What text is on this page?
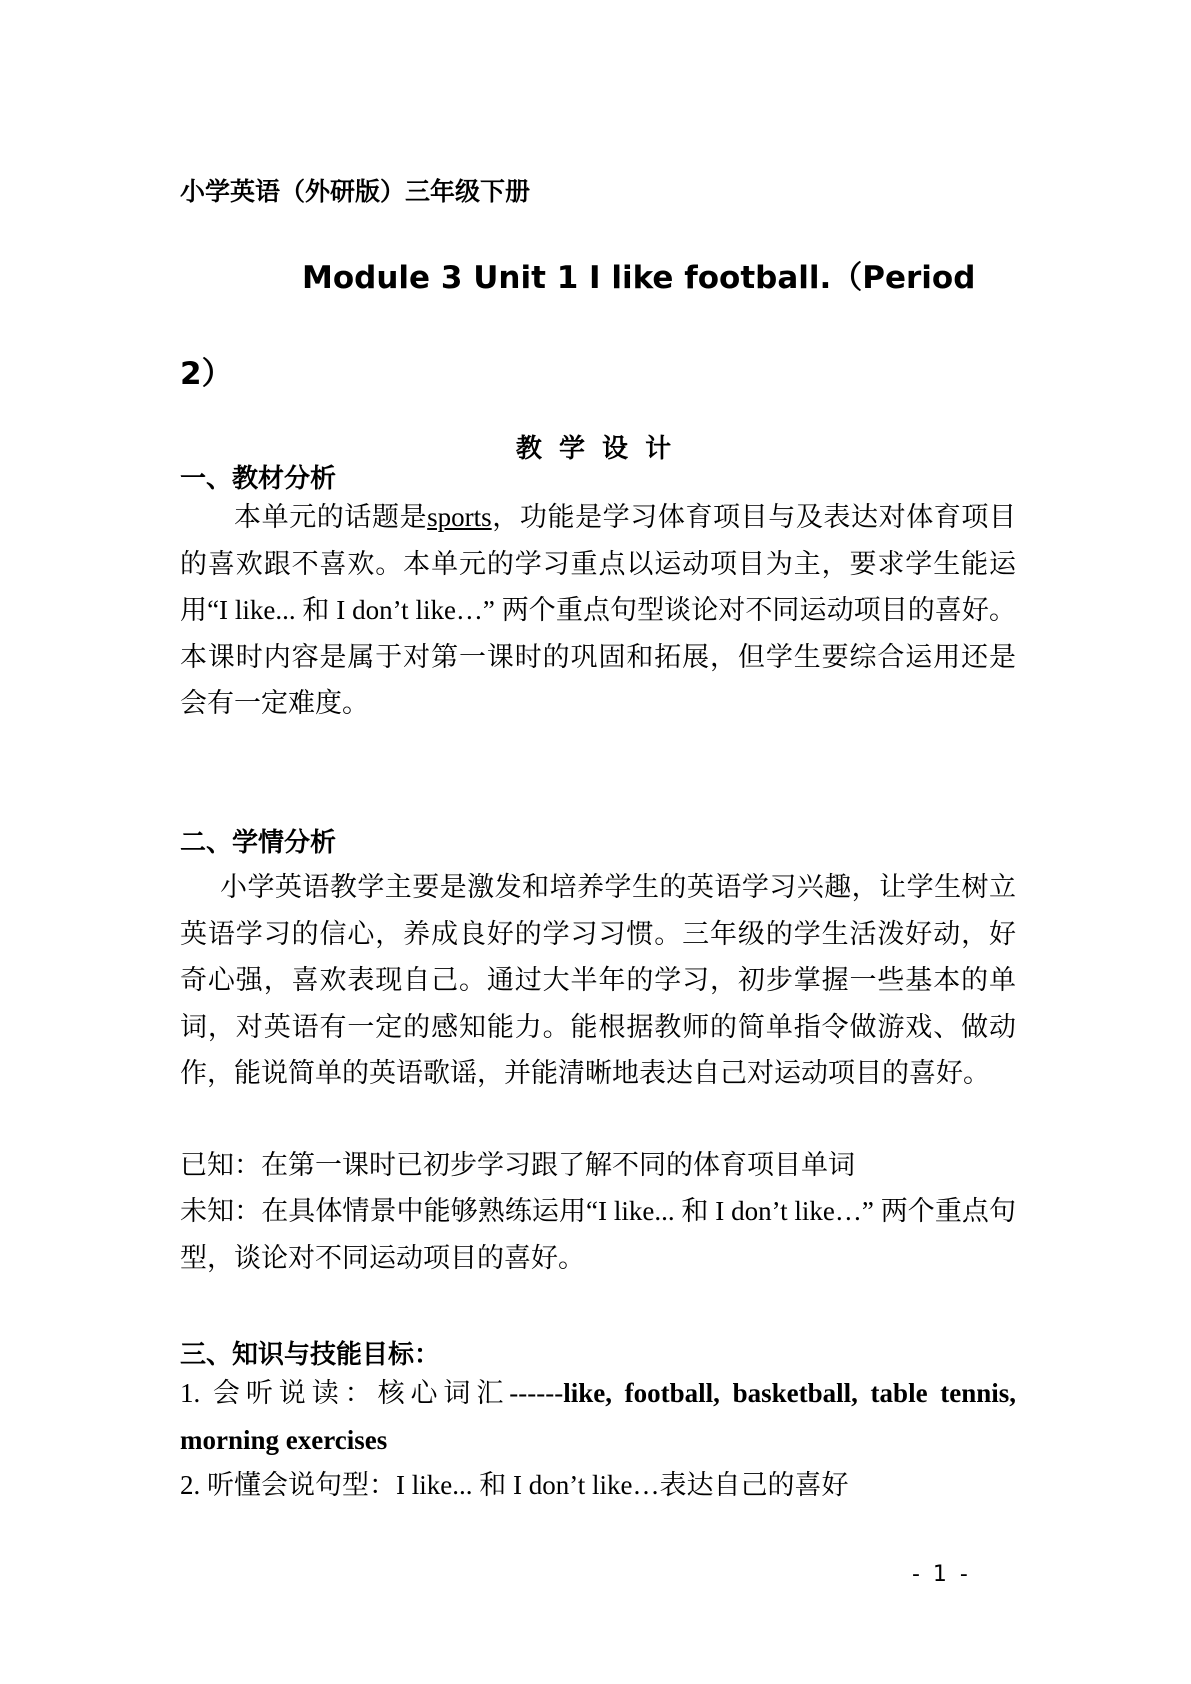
小学英语（外研版）三年级下册
Module 3 Unit 1 I like football.（Period
2）
教 学 设 计
一、教材分析
本单元的话题是sports，功能是学习体育项目与及表达对体育项目的喜欢跟不喜欢。本单元的学习重点以运动项目为主，要求学生能运用“I like... 和 I don’t like…” 两个重点句型谈论对不同运动项目的喜好。 本课时内容是属于对第一课时的巩固和拓展，但学生要综合运用还是会有一定难度。
二、学情分析
小学英语教学主要是激发和培养学生的英语学习兴趣，让学生树立英语学习的信心，养成良好的学习习惯。三年级的学生活泼好动，好奇心强，喜欢表现自己。通过大半年的学习，初步掌握一些基本的单词，对英语有一定的感知能力。能根据教师的简单指令做游戏、做动作，能说简单的英语歌谣，并能清晰地表达自己对运动项目的喜好。
已知：在第一课时已初步学习跟了解不同的体育项目单词
未知：在具体情景中能够熟练运用“I like... 和 I don’t like…” 两个重点句型，谈论对不同运动项目的喜好。
三、知识与技能目标：
1. 会听说读：核心词汇------like, football, basketball, table tennis, morning exercises
2. 听懂会说句型：I like... 和 I don’t like…表达自己的喜好
- 1 -
